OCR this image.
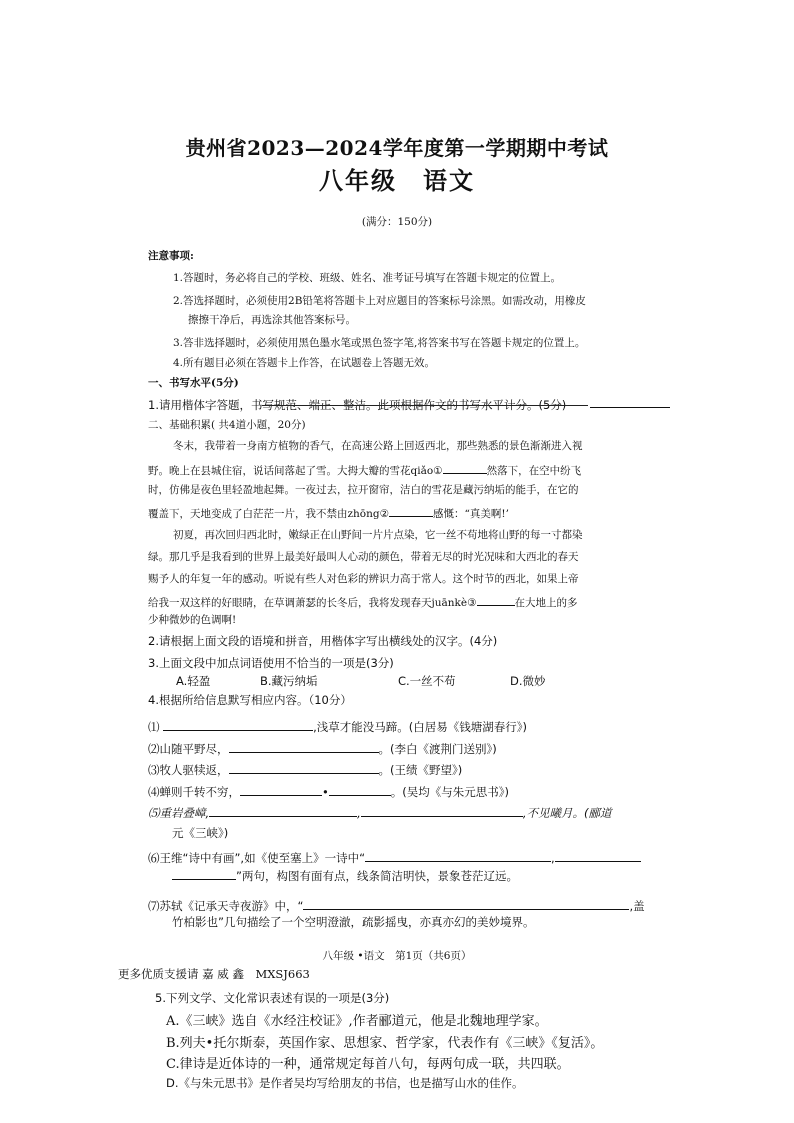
贵州省2023—2024学年度第一学期期中考试
八年级　语文
(满分：150分)
注意事项:
1.答题时，务必将自己的学校、班级、姓名、准考证号填写在答题卡规定的位置上。
2.答选择题时，必须使用2B铅笔将答题卡上对应题目的答案标号涂黑。如需改动，用橡皮
擦擦干净后，再选涂其他答案标号。
3.答非选择题时，必须使用黑色墨水笔或黑色签字笔,将答案书写在答题卡规定的位置上。
4.所有题目必须在答题卡上作答，在试题卷上答题无效。
一、书写水平(5分)
1.请用楷体字答题，书写规范、端正、整洁。此项根据作文的书写水平计分。(5分)
二、基础积累( 共4道小题，20分)
冬末，我带着一身南方植物的香气，在高速公路上回返西北，那些熟悉的景色渐渐进入视
野。晚上在县城住宿，说话间落起了雪。大拇大瓣的雪花qiǎo①	然落下，在空中纷飞
时，仿佛是夜色里轻盈地起舞。一夜过去，拉开窗帘，洁白的雪花是藏污纳垢的能手，在它的
覆盖下，天地变成了白茫茫一片，我不禁由zhōng②	感慨：“真美啊!’
初夏，再次回归西北时，嫩绿正在山野间一片片点染，它一丝不苟地将山野的每一寸都染
绿。那几乎是我看到的世界上最美好最叫人心动的颜色，带着无尽的时光况味和大西北的春天
赐予人的年复一年的感动。听说有些人对色彩的辨识力高于常人。这个时节的西北，如果上帝
给我一双这样的好眼睛，在草调萧瑟的长冬后，我将发现春天juānkè③	在大地上的多
少种微妙的色调啊!
2.请根据上面文段的语境和拼音，用楷体字写出横线处的汉字。(4分)
3.上面文段中加点词语使用不恰当的一项是(3分)
A.轻盈	B.藏污纳垢	C.一丝不苟	D.微妙
4.根据所给信息默写相应内容。（10分）
⑴	,浅草才能没马蹄。(白居易《钱塘湖春行》)
⑵山随平野尽，	。(李白《渡荆门送别》)
⑶牧人驱犊返，	。(王绩《野望》)
⑷蝉则千转不穷，	•	。(吴均《与朱元思书》)
⑸重岩叠嶂,	,	,不见曦月。(郦道
元《三峡》)
⑹王维“诗中有画”,如《使至塞上》一诗中“	,
”两句，构图有面有点，线条简洁明快，景象苍茫辽远。
⑺苏轼《记承天寺夜游》中，“	,盖
竹柏影也”几句描绘了一个空明澄澈，疏影摇曳，亦真亦幻的美妙境界。
八年级 •语文　第1页（共6页）
更多优质支援请 嘉 威 鑫　MXSJ663
5.下列文学、文化常识表述有误的一项是(3分)
A.《三峡》选自《水经注校证》,作者郦道元，他是北魏地理学家。
B.列夫•托尔斯泰，英国作家、思想家、哲学家，代表作有《三峡》《复活》。
C.律诗是近体诗的一种，通常规定每首八句，每两句成一联，共四联。
D.《与朱元思书》是作者吴均写给朋友的书信，也是描写山水的佳作。
